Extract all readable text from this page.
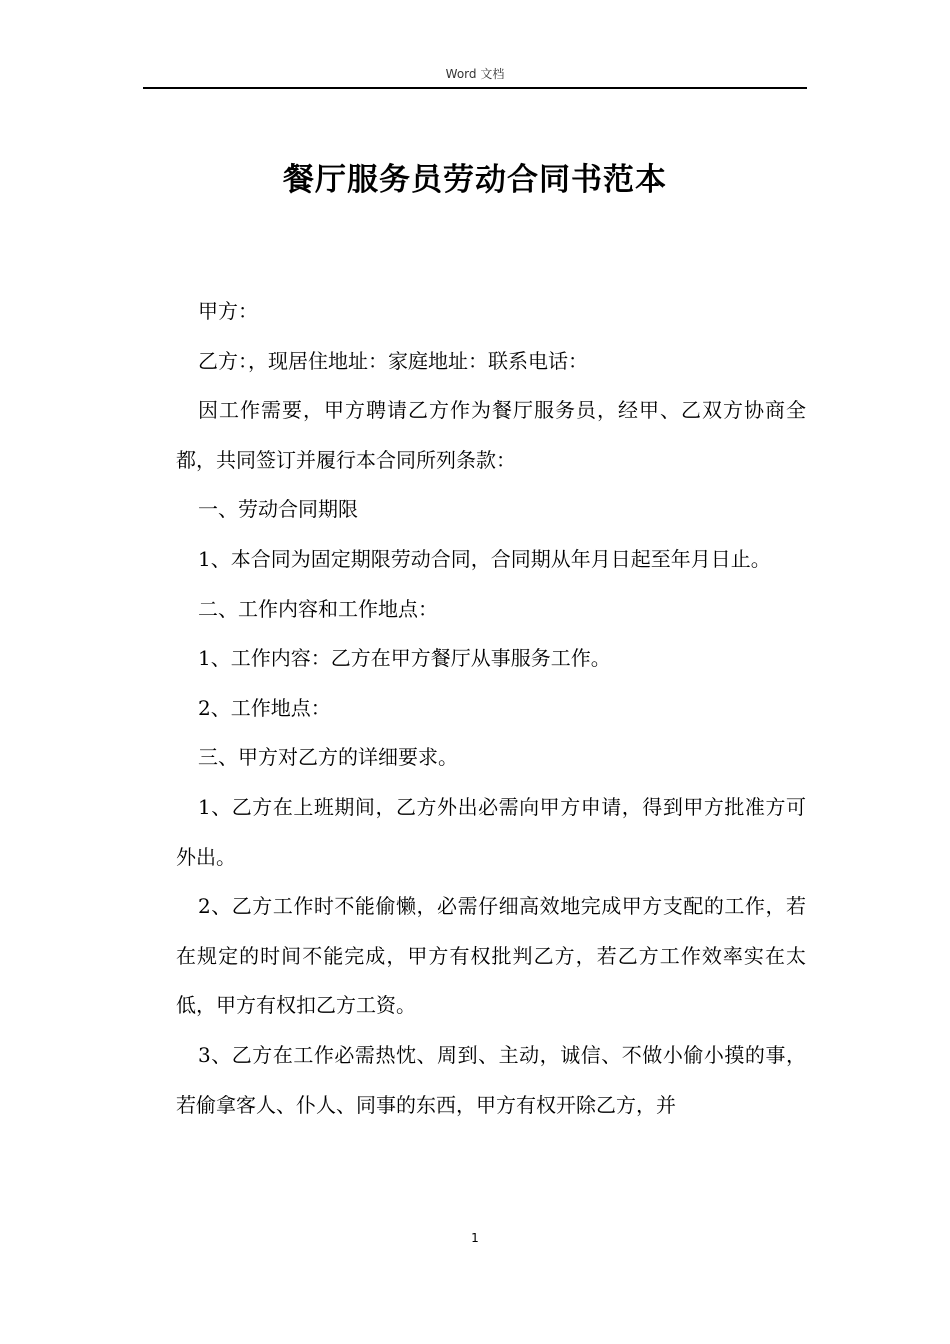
Word 文档
餐厅服务员劳动合同书范本

甲方：

乙方：，现居住地址：家庭地址：联系电话：

因工作需要，甲方聘请乙方作为餐厅服务员，经甲、乙双方协商全都，共同签订并履行本合同所列条款：

一、劳动合同期限

1、本合同为固定期限劳动合同，合同期从年月日起至年月日止。

二、工作内容和工作地点：

1、工作内容：乙方在甲方餐厅从事服务工作。

2、工作地点：

三、甲方对乙方的详细要求。

1、乙方在上班期间，乙方外出必需向甲方申请，得到甲方批准方可外出。

2、乙方工作时不能偷懒，必需仔细高效地完成甲方支配的工作，若在规定的时间不能完成，甲方有权批判乙方，若乙方工作效率实在太低，甲方有权扣乙方工资。

3、乙方在工作必需热忱、周到、主动，诚信、不做小偷小摸的事，若偷拿客人、仆人、同事的东西，甲方有权开除乙方，并

1
